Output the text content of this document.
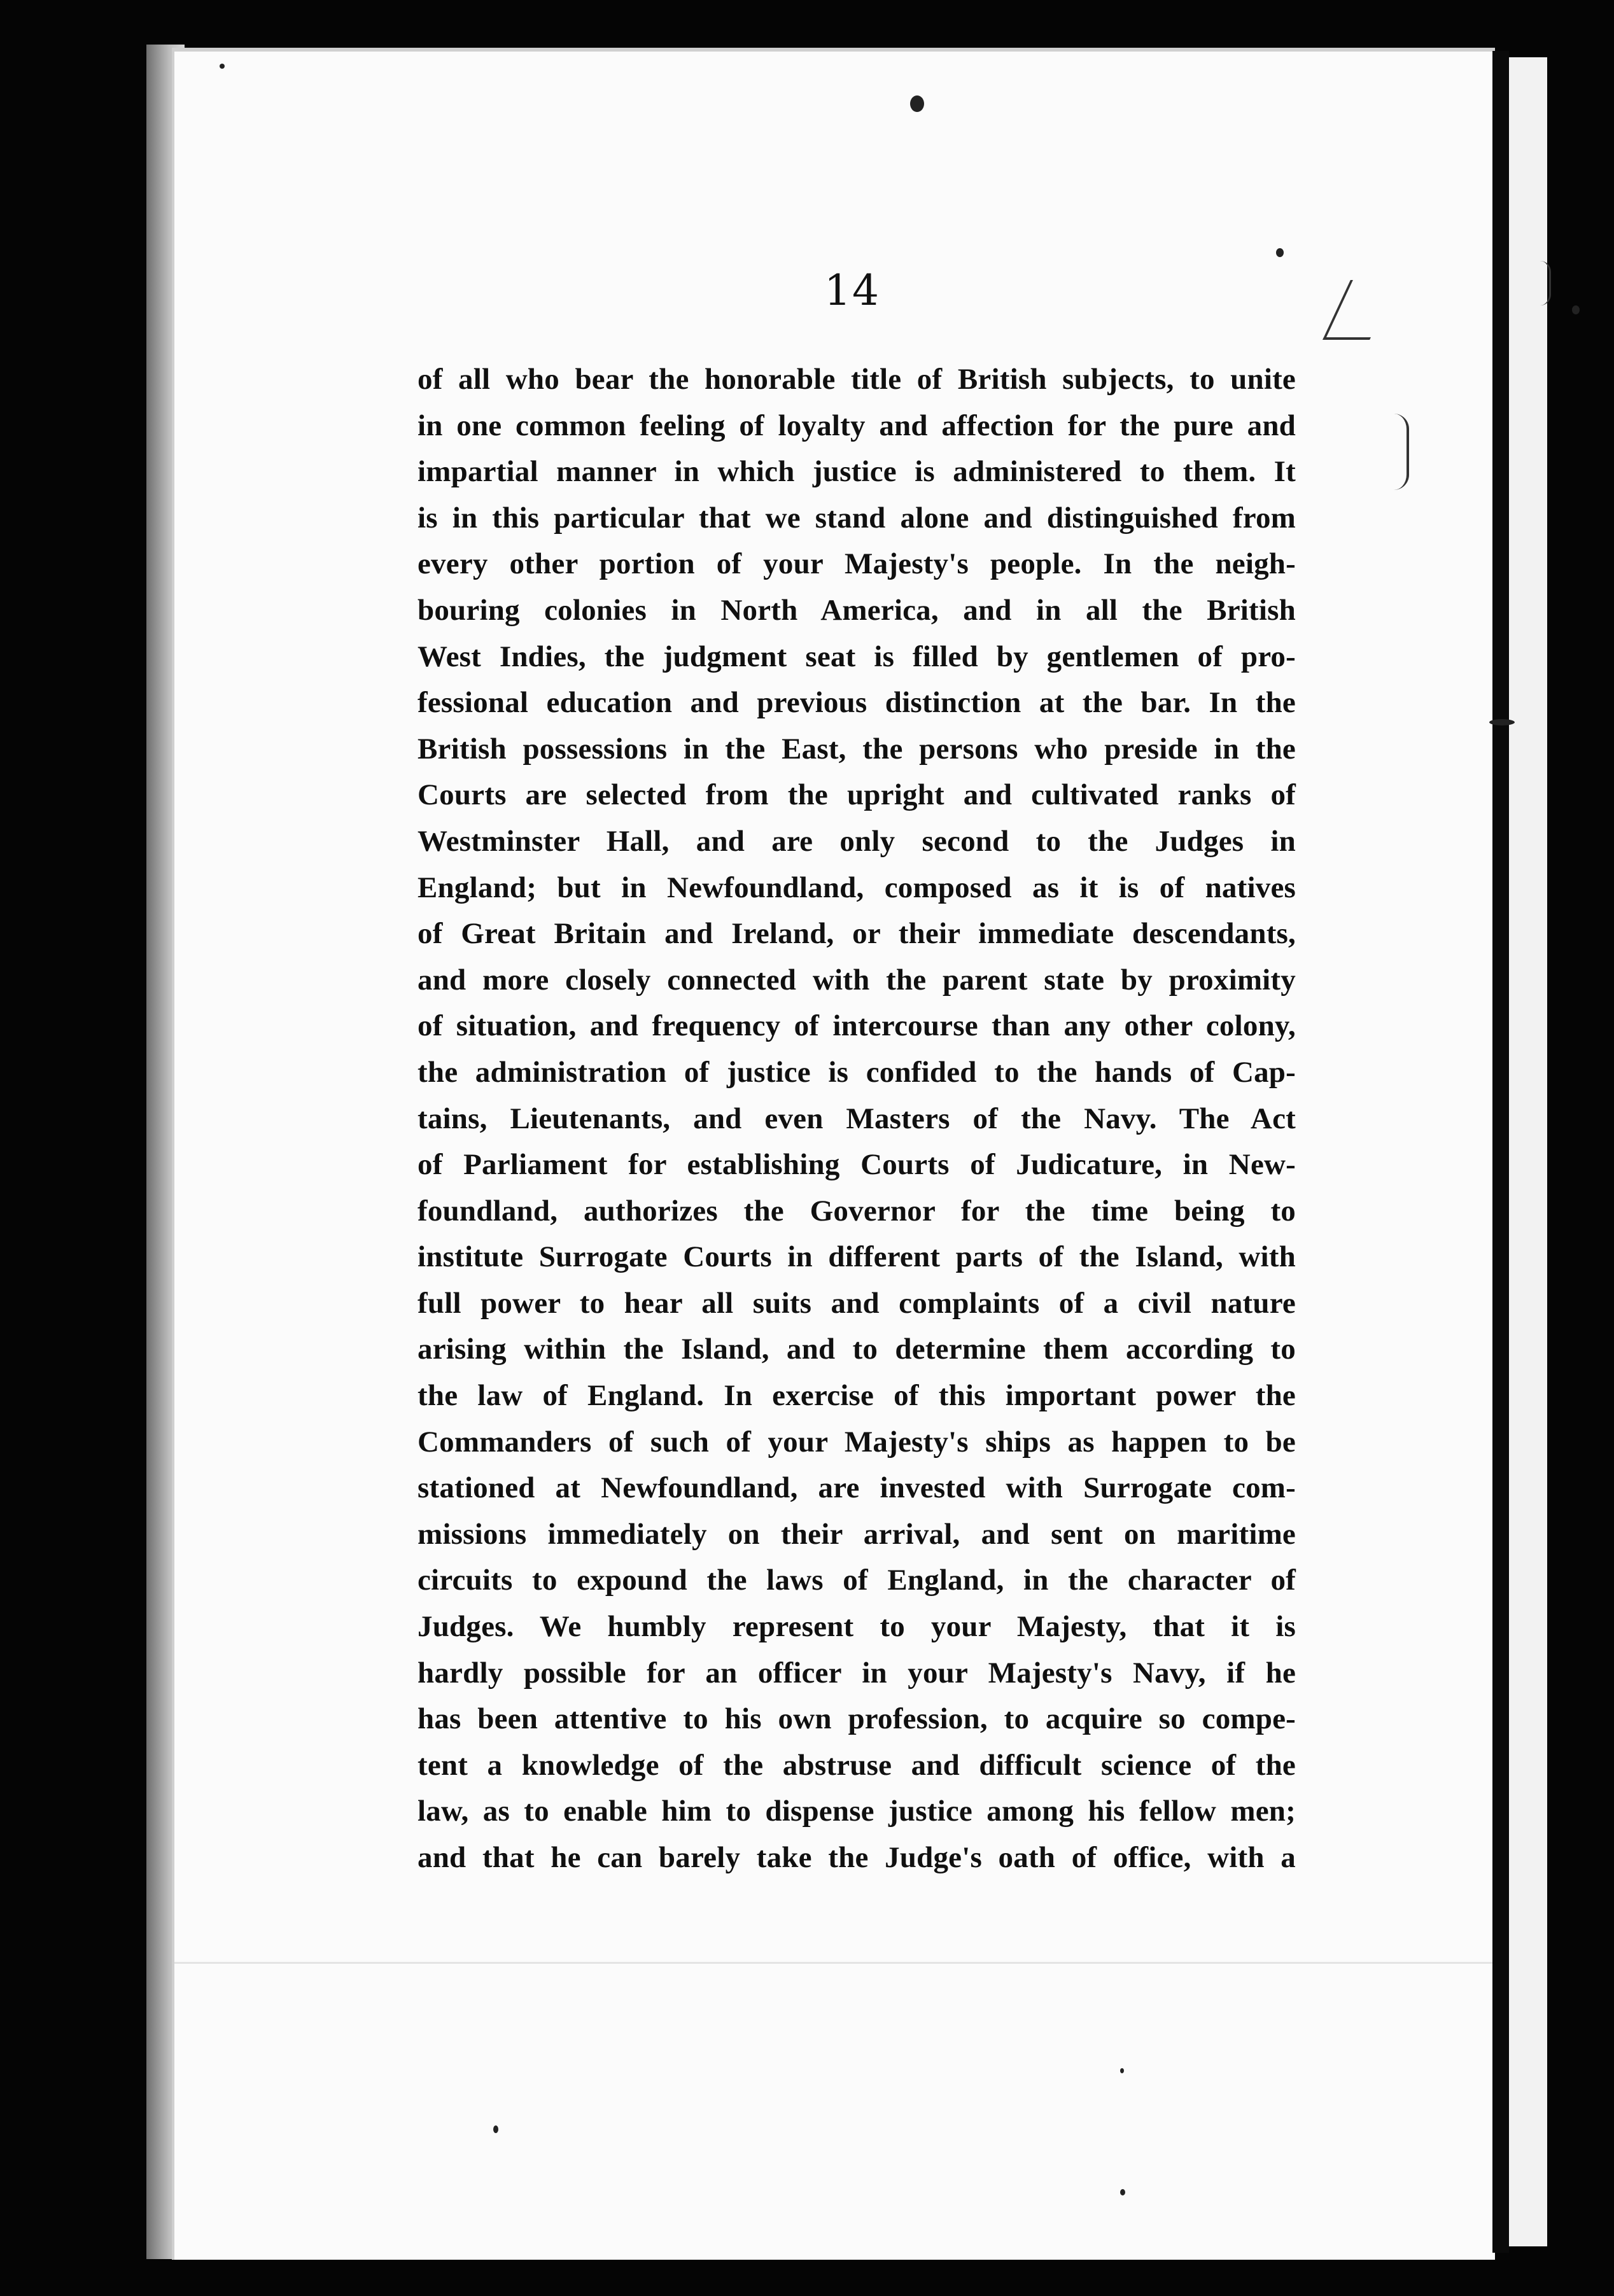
14
of all who bear the honorable title of British subjects, to unite
in one common feeling of loyalty and affection for the pure and
impartial manner in which justice is administered to them. It
is in this particular that we stand alone and distinguished from
every other portion of your Majesty's people. In the neigh-
bouring colonies in North America, and in all the British
West Indies, the judgment seat is filled by gentlemen of pro-
fessional education and previous distinction at the bar. In the
British possessions in the East, the persons who preside in the
Courts are selected from the upright and cultivated ranks of
Westminster Hall, and are only second to the Judges in
England; but in Newfoundland, composed as it is of natives
of Great Britain and Ireland, or their immediate descendants,
and more closely connected with the parent state by proximity
of situation, and frequency of intercourse than any other colony,
the administration of justice is confided to the hands of Cap-
tains, Lieutenants, and even Masters of the Navy. The Act
of Parliament for establishing Courts of Judicature, in New-
foundland, authorizes the Governor for the time being to
institute Surrogate Courts in different parts of the Island, with
full power to hear all suits and complaints of a civil nature
arising within the Island, and to determine them according to
the law of England. In exercise of this important power the
Commanders of such of your Majesty's ships as happen to be
stationed at Newfoundland, are invested with Surrogate com-
missions immediately on their arrival, and sent on maritime
circuits to expound the laws of England, in the character of
Judges. We humbly represent to your Majesty, that it is
hardly possible for an officer in your Majesty's Navy, if he
has been attentive to his own profession, to acquire so compe-
tent a knowledge of the abstruse and difficult science of the
law, as to enable him to dispense justice among his fellow men;
and that he can barely take the Judge's oath of office, with a
